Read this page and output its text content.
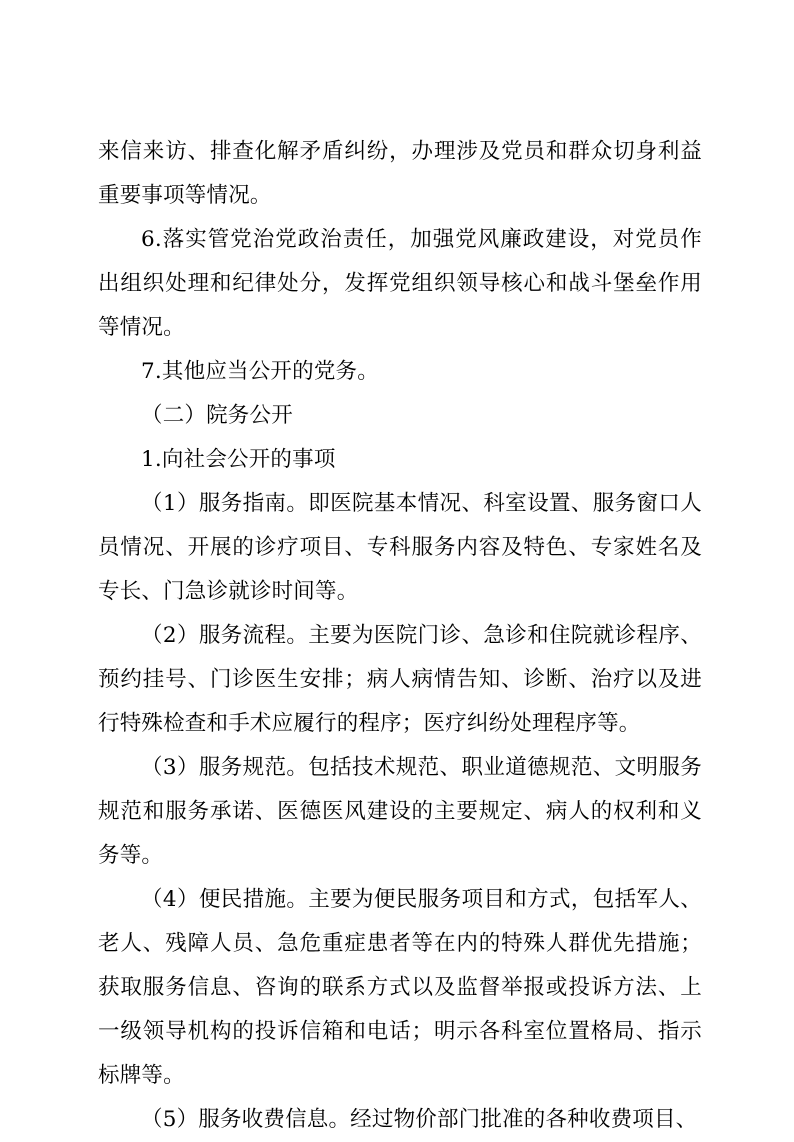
来信来访、排查化解矛盾纠纷，办理涉及党员和群众切身利益重要事项等情况。

6.落实管党治党政治责任，加强党风廉政建设，对党员作出组织处理和纪律处分，发挥党组织领导核心和战斗堡垒作用等情况。

7.其他应当公开的党务。

（二）院务公开

1.向社会公开的事项

（1）服务指南。即医院基本情况、科室设置、服务窗口人员情况、开展的诊疗项目、专科服务内容及特色、专家姓名及专长、门急诊就诊时间等。

（2）服务流程。主要为医院门诊、急诊和住院就诊程序、预约挂号、门诊医生安排；病人病情告知、诊断、治疗以及进行特殊检查和手术应履行的程序；医疗纠纷处理程序等。

（3）服务规范。包括技术规范、职业道德规范、文明服务规范和服务承诺、医德医风建设的主要规定、病人的权利和义务等。

（4）便民措施。主要为便民服务项目和方式，包括军人、老人、残障人员、急危重症患者等在内的特殊人群优先措施；获取服务信息、咨询的联系方式以及监督举报或投诉方法、上一级领导机构的投诉信箱和电话；明示各科室位置格局、指示标牌等。

（5）服务收费信息。经过物价部门批准的各种收费项目、
